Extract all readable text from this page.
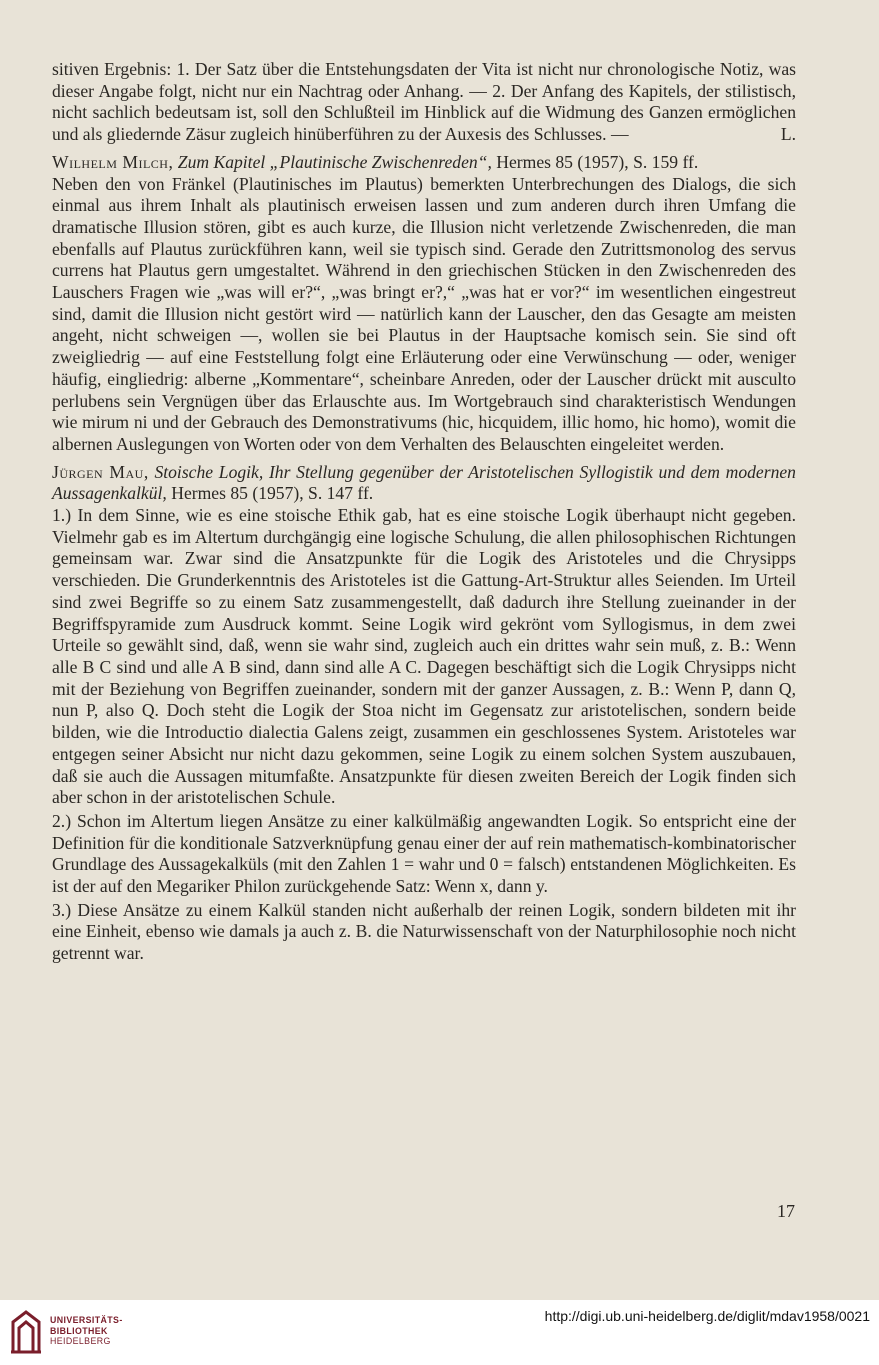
sitiven Ergebnis: 1. Der Satz über die Entstehungsdaten der Vita ist nicht nur chronologische Notiz, was dieser Angabe folgt, nicht nur ein Nachtrag oder Anhang. — 2. Der Anfang des Kapitels, der stilistisch, nicht sachlich bedeutsam ist, soll den Schlußteil im Hinblick auf die Widmung des Ganzen ermöglichen und als gliedernde Zäsur zugleich hinüberführen zu der Auxesis des Schlusses. —	L.

Wilhelm Milch, Zum Kapitel „Plautinische Zwischenreden“, Hermes 85 (1957), S. 159 ff.

Neben den von Fränkel (Plautinisches im Plautus) bemerkten Unterbrechungen des Dialogs, die sich einmal aus ihrem Inhalt als plautinisch erweisen lassen und zum anderen durch ihren Umfang die dramatische Illusion stören, gibt es auch kurze, die Illusion nicht verletzende Zwischenreden, die man ebenfalls auf Plautus zurückführen kann, weil sie typisch sind. Gerade den Zutrittsmonolog des servus currens hat Plautus gern umgestaltet. Während in den griechischen Stücken in den Zwischenreden des Lauschers Fragen wie „was will er?“, „was bringt er?,“ „was hat er vor?“ im wesentlichen eingestreut sind, damit die Illusion nicht gestört wird — natürlich kann der Lauscher, den das Gesagte am meisten angeht, nicht schweigen —, wollen sie bei Plautus in der Hauptsache komisch sein. Sie sind oft zweigliedrig — auf eine Feststellung folgt eine Erläuterung oder eine Verwünschung — oder, weniger häufig, eingliedrig: alberne „Kommentare“, scheinbare Anreden, oder der Lauscher drückt mit ausculto perlubens sein Vergnügen über das Erlauschte aus. Im Wortgebrauch sind charakteristisch Wendungen wie mirum ni und der Gebrauch des Demonstrativums (hic, hicquidem, illic homo, hic homo), womit die albernen Auslegungen von Worten oder von dem Verhalten des Belauschten eingeleitet werden.

Jürgen Mau, Stoische Logik, Ihr Stellung gegenüber der Aristotelischen Syllogistik und dem modernen Aussagenkalkül, Hermes 85 (1957), S. 147 ff.

1.) In dem Sinne, wie es eine stoische Ethik gab, hat es eine stoische Logik überhaupt nicht gegeben. Vielmehr gab es im Altertum durchgängig eine logische Schulung, die allen philosophischen Richtungen gemeinsam war. Zwar sind die Ansatzpunkte für die Logik des Aristoteles und die Chrysipps verschieden. Die Grunderkenntnis des Aristoteles ist die Gattung-Art-Struktur alles Seienden. Im Urteil sind zwei Begriffe so zu einem Satz zusammengestellt, daß dadurch ihre Stellung zueinander in der Begriffspyramide zum Ausdruck kommt. Seine Logik wird gekrönt vom Syllogismus, in dem zwei Urteile so gewählt sind, daß, wenn sie wahr sind, zugleich auch ein drittes wahr sein muß, z. B.: Wenn alle B C sind und alle A B sind, dann sind alle A C. Dagegen beschäftigt sich die Logik Chrysipps nicht mit der Beziehung von Begriffen zueinander, sondern mit der ganzer Aussagen, z. B.: Wenn P, dann Q, nun P, also Q. Doch steht die Logik der Stoa nicht im Gegensatz zur aristotelischen, sondern beide bilden, wie die Introductio dialectia Galens zeigt, zusammen ein geschlossenes System. Aristoteles war entgegen seiner Absicht nur nicht dazu gekommen, seine Logik zu einem solchen System auszubauen, daß sie auch die Aussagen mitumfaßte. Ansatzpunkte für diesen zweiten Bereich der Logik finden sich aber schon in der aristotelischen Schule.

2.) Schon im Altertum liegen Ansätze zu einer kalkülmäßig angewandten Logik. So entspricht eine der Definition für die konditionale Satzverknüpfung genau einer der auf rein mathematisch-kombinatorischer Grundlage des Aussagekalküls (mit den Zahlen 1 = wahr und 0 = falsch) entstandenen Möglichkeiten. Es ist der auf den Megariker Philon zurückgehende Satz: Wenn x, dann y.

3.) Diese Ansätze zu einem Kalkül standen nicht außerhalb der reinen Logik, sondern bildeten mit ihr eine Einheit, ebenso wie damals ja auch z. B. die Naturwissenschaft von der Naturphilosophie noch nicht getrennt war.

17
UNIVERSITÄTS-
BIBLIOTHEK
HEIDELBERG
http://digi.ub.uni-heidelberg.de/diglit/mdav1958/0021
